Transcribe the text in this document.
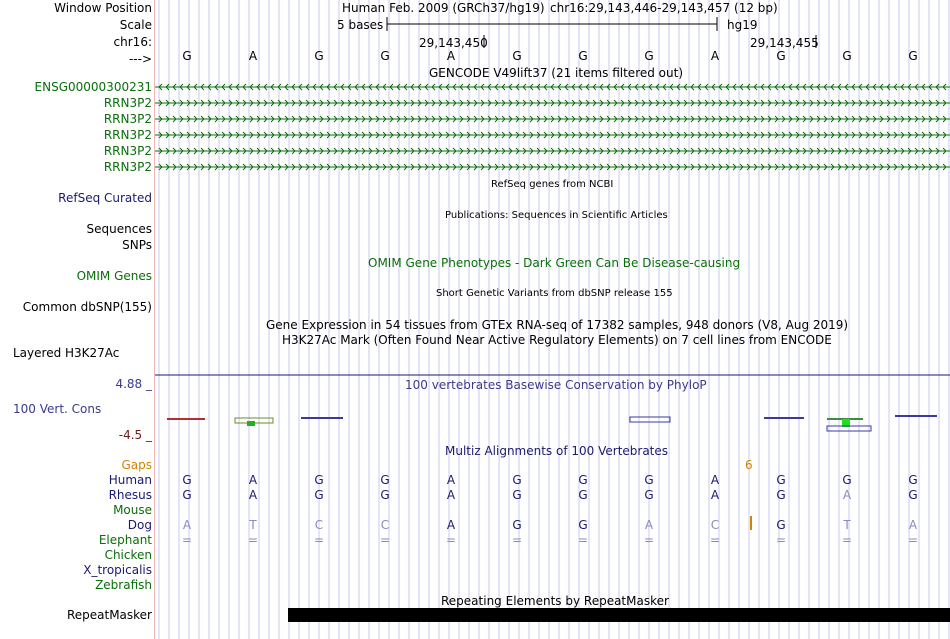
Window Position
Scale
chr16:
--->
ENSG00000300231
RRN3P2
RRN3P2
RRN3P2
RRN3P2
RRN3P2
RefSeq Curated
Sequences
SNPs
OMIM Genes
Common dbSNP(155)
Layered H3K27Ac
4.88 _
100 Vert. Cons
-4.5 _
Gaps
Human
Rhesus
Mouse
Dog
Elephant
Chicken
X_tropicalis
Zebrafish
RepeatMasker
Human Feb. 2009 (GRCh37/hg19) chr16:29,143,446-29,143,457 (12 bp)
5 bases	hg19
29,143,450	29,143,455
G	A	G	G	A	G	G	G	A	G	G	G
GENCODE V49lift37 (21 items filtered out)
RefSeq genes from NCBI
Publications: Sequences in Scientific Articles
OMIM Gene Phenotypes - Dark Green Can Be Disease-causing
Short Genetic Variants from dbSNP release 155
Gene Expression in 54 tissues from GTEx RNA-seq of 17382 samples, 948 donors (V8, Aug 2019)
H3K27Ac Mark (Often Found Near Active Regulatory Elements) on 7 cell lines from ENCODE
100 vertebrates Basewise Conservation by PhyloP
Multiz Alignments of 100 Vertebrates
6
G	A	G	G	A	G	G	G	A	G	G	G
G	A	G	G	A	G	G	G	A	G	A	G
A	T	C	C	A	G	G	A	C	G	T	A
=	=	=	=	=	=	=	=	=	=	=	=
Repeating Elements by RepeatMasker
